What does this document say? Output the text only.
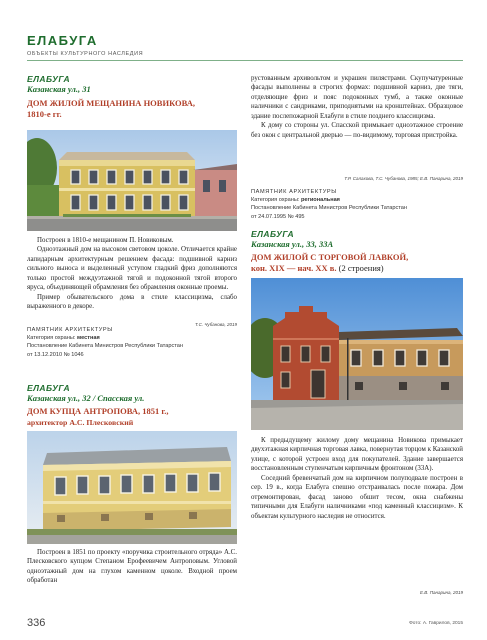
ЕЛАБУГА
ОБЪЕКТЫ КУЛЬТУРНОГО НАСЛЕДИЯ
ЕЛАБУГА
Казанская ул., 31
ДОМ ЖИЛОЙ МЕЩАНИНА НОВИКОВА,
1810-е гг.

Построен в 1810-е мещанином П. Новиковым.

Одноэтажный дом на высоком световом цоколе. Отличается крайне лапидарным архитектурным решением фасада: подшивной карниз сильного выноса и выделенный уступом гладкий фриз дополняются только простой междуэтажной тягой и подоконной тягой второго яруса, объединяющей обрамления без обрамления оконные проемы.

Пример обывательского дома в стиле классицизма, слабо выраженного в декоре.

Т.С. Чубанова, 2019
ПАМЯТНИК АРХИТЕКТУРЫ
Категория охраны: местная
Постановление Кабинета Министров Республики Татарстан
от 13.12.2010 № 1046
ЕЛАБУГА
Казанская ул., 32 / Спасская ул.
ДОМ КУПЦА АНТРОПОВА, 1851 г.,
архитектор А.С. Плесковский

Построен в 1851 по проекту «поручика строительного отряда» А.С. Плесковского купцом Степаном Ерофеевичем Антроповым. Угловой одноэтажный дом на глухом каменном цоколе. Входной проем обработан

рустованным архивольтом и украшен пилястрами. Скупучатуренные фасады выполнены в строгих формах: подшивной карниз, две тяги, отделяющие фриз и пояс подоконных тумб, а также оконные наличники с сандриками, приподнятыми на кронштейнах. Образцовое здание послепожарной Елабуги в стиле позднего классицизма.

К дому со стороны ул. Спасской примыкает одноэтажное строение без окон с центральной дверью — по-видимому, торговая пристройка.

Т.Р. Салахова, Т.С. Чубанова, 1985; Е.В. Панарина, 2019
ПАМЯТНИК АРХИТЕКТУРЫ
Категория охраны: региональная
Постановление Кабинета Министров Республики Татарстан
от 24.07.1995 № 495
ЕЛАБУГА
Казанская ул., 33, 33А
ДОМ ЖИЛОЙ С ТОРГОВОЙ ЛАВКОЙ,
кон. XIX — нач. XX в. (2 строения)

К предыдущему жилому дому мещанина Новикова примыкает двухэтажная кирпичная торговая лавка, повернутая торцом к Казанской улице, с которой устроен вход для покупателей. Здание завершается восстановленным ступенчатым кирпичным фронтоном (33А).

Соседний бревенчатый дом на кирпичном полуподвале построен в сер. 19 в., когда Елабуга спешно отстраивалась после пожара. Дом отремонтирован, фасад заново обшит тесом, окна снабжены типичными для Елабуги наличниками «под каменный классицизм». К объектам культурного наследия не относится.

Е.В. Панарина, 2019
336	Фото: А. Гаврилов, 2015
